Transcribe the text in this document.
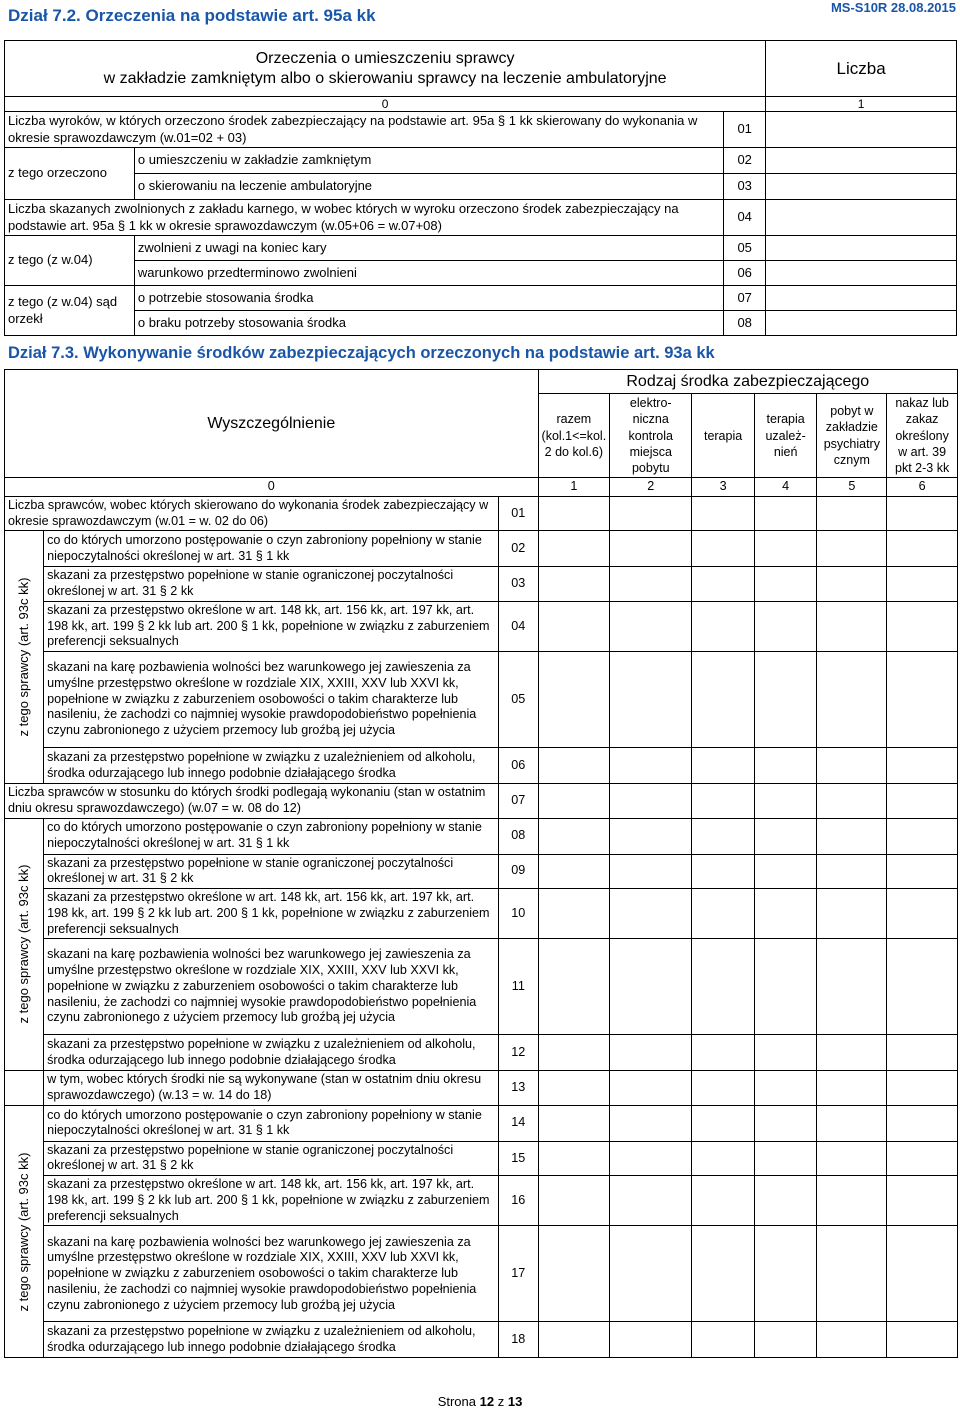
Dział 7.2. Orzeczenia na podstawie art. 95a kk	MS-S10R 28.08.2015
Orzeczenia o umieszczeniu sprawcy
w zakładzie zamkniętym albo o skierowaniu sprawcy na leczenie ambulatoryjne			Liczba
0			1
Liczba wyroków, w których orzeczono środek zabezpieczający na podstawie art. 95a § 1 kk skierowany do wykonania w okresie sprawozdawczym (w.01=02 + 03)		01	
z tego orzeczono	o umieszczeniu w zakładzie zamkniętym	02	
	o skierowaniu na leczenie ambulatoryjne	03	
Liczba skazanych zwolnionych z zakładu karnego, w wobec których w wyroku orzeczono środek zabezpieczający na podstawie art. 95a § 1 kk w okresie sprawozdawczym (w.05+06 = w.07+08)		04	
z tego (z w.04)	zwolnieni z uwagi na koniec kary	05	
	warunkowo przedterminowo zwolnieni	06	
z tego (z w.04) sąd orzekł	o potrzebie stosowania środka	07	
	o braku potrzeby stosowania środka	08	
Dział 7.3. Wykonywanie środków zabezpieczających orzeczonych na podstawie art. 93a kk
Wyszczególnienie			Rodzaj środka zabezpieczającego					
			razem (kol.1<=kol. 2 do kol.6)	elektro-niczna kontrola miejsca pobytu	terapia	terapia uzależ-nień	pobyt w zakładzie psychiatry cznym	nakaz lub zakaz określony w art. 39 pkt 2-3 kk
0			1	2	3	4	5	6
Liczba sprawców, wobec których skierowano do wykonania środek zabezpieczający w okresie sprawozdawczym (w.01 = w. 02 do 06)		01						

z tego sprawcy (art. 93c kk)	co do których umorzono postępowanie o czyn zabroniony popełniony w stanie niepoczytalności określonej w art. 31 § 1 kk	02						
	skazani za przestępstwo popełnione w stanie ograniczonej poczytalności określonej w art. 31 § 2 kk	03						
	skazani za przestępstwo określone w art. 148 kk, art. 156 kk, art. 197 kk, art. 198 kk, art. 199 § 2 kk lub art. 200 § 1 kk, popełnione w związku z zaburzeniem preferencji seksualnych	04						
	skazani na karę pozbawienia wolności bez warunkowego jej zawieszenia za umyślne przestępstwo określone w rozdziale XIX, XXIII, XXV lub XXVI kk, popełnione w związku z zaburzeniem osobowości o takim charakterze lub nasileniu, że zachodzi co najmniej wysokie prawdopodobieństwo popełnienia czynu zabronionego z użyciem przemocy lub groźbą jej użycia	05						
	skazani za przestępstwo popełnione w związku z uzależnieniem od alkoholu, środka odurzającego lub innego podobnie działającego środka	06						
Liczba sprawców w stosunku do których środki podlegają wykonaniu (stan w ostatnim dniu okresu sprawozdawczego) (w.07 = w. 08 do 12)		07						

z tego sprawcy (art. 93c kk)	co do których umorzono postępowanie o czyn zabroniony popełniony w stanie niepoczytalności określonej w art. 31 § 1 kk	08						
	skazani za przestępstwo popełnione w stanie ograniczonej poczytalności określonej w art. 31 § 2 kk	09						
	skazani za przestępstwo określone w art. 148 kk, art. 156 kk, art. 197 kk, art. 198 kk, art. 199 § 2 kk lub art. 200 § 1 kk, popełnione w związku z zaburzeniem preferencji seksualnych	10						
	skazani na karę pozbawienia wolności bez warunkowego jej zawieszenia za umyślne przestępstwo określone w rozdziale XIX, XXIII, XXV lub XXVI kk, popełnione w związku z zaburzeniem osobowości o takim charakterze lub nasileniu, że zachodzi co najmniej wysokie prawdopodobieństwo popełnienia czynu zabronionego z użyciem przemocy lub groźbą jej użycia	11						
	skazani za przestępstwo popełnione w związku z uzależnieniem od alkoholu, środka odurzającego lub innego podobnie działającego środka	12						
	w tym, wobec których środki nie są wykonywane (stan w ostatnim dniu okresu sprawozdawczego) (w.13 = w. 14 do 18)	13						

z tego sprawcy (art. 93c kk)	co do których umorzono postępowanie o czyn zabroniony popełniony w stanie niepoczytalności określonej w art. 31 § 1 kk	14						
	skazani za przestępstwo popełnione w stanie ograniczonej poczytalności określonej w art. 31 § 2 kk	15						
	skazani za przestępstwo określone w art. 148 kk, art. 156 kk, art. 197 kk, art. 198 kk, art. 199 § 2 kk lub art. 200 § 1 kk, popełnione w związku z zaburzeniem preferencji seksualnych	16						
	skazani na karę pozbawienia wolności bez warunkowego jej zawieszenia za umyślne przestępstwo określone w rozdziale XIX, XXIII, XXV lub XXVI kk, popełnione w związku z zaburzeniem osobowości o takim charakterze lub nasileniu, że zachodzi co najmniej wysokie prawdopodobieństwo popełnienia czynu zabronionego z użyciem przemocy lub groźbą jej użycia	17						
	skazani za przestępstwo popełnione w związku z uzależnieniem od alkoholu, środka odurzającego lub innego podobnie działającego środka	18						
Strona 12 z 13
